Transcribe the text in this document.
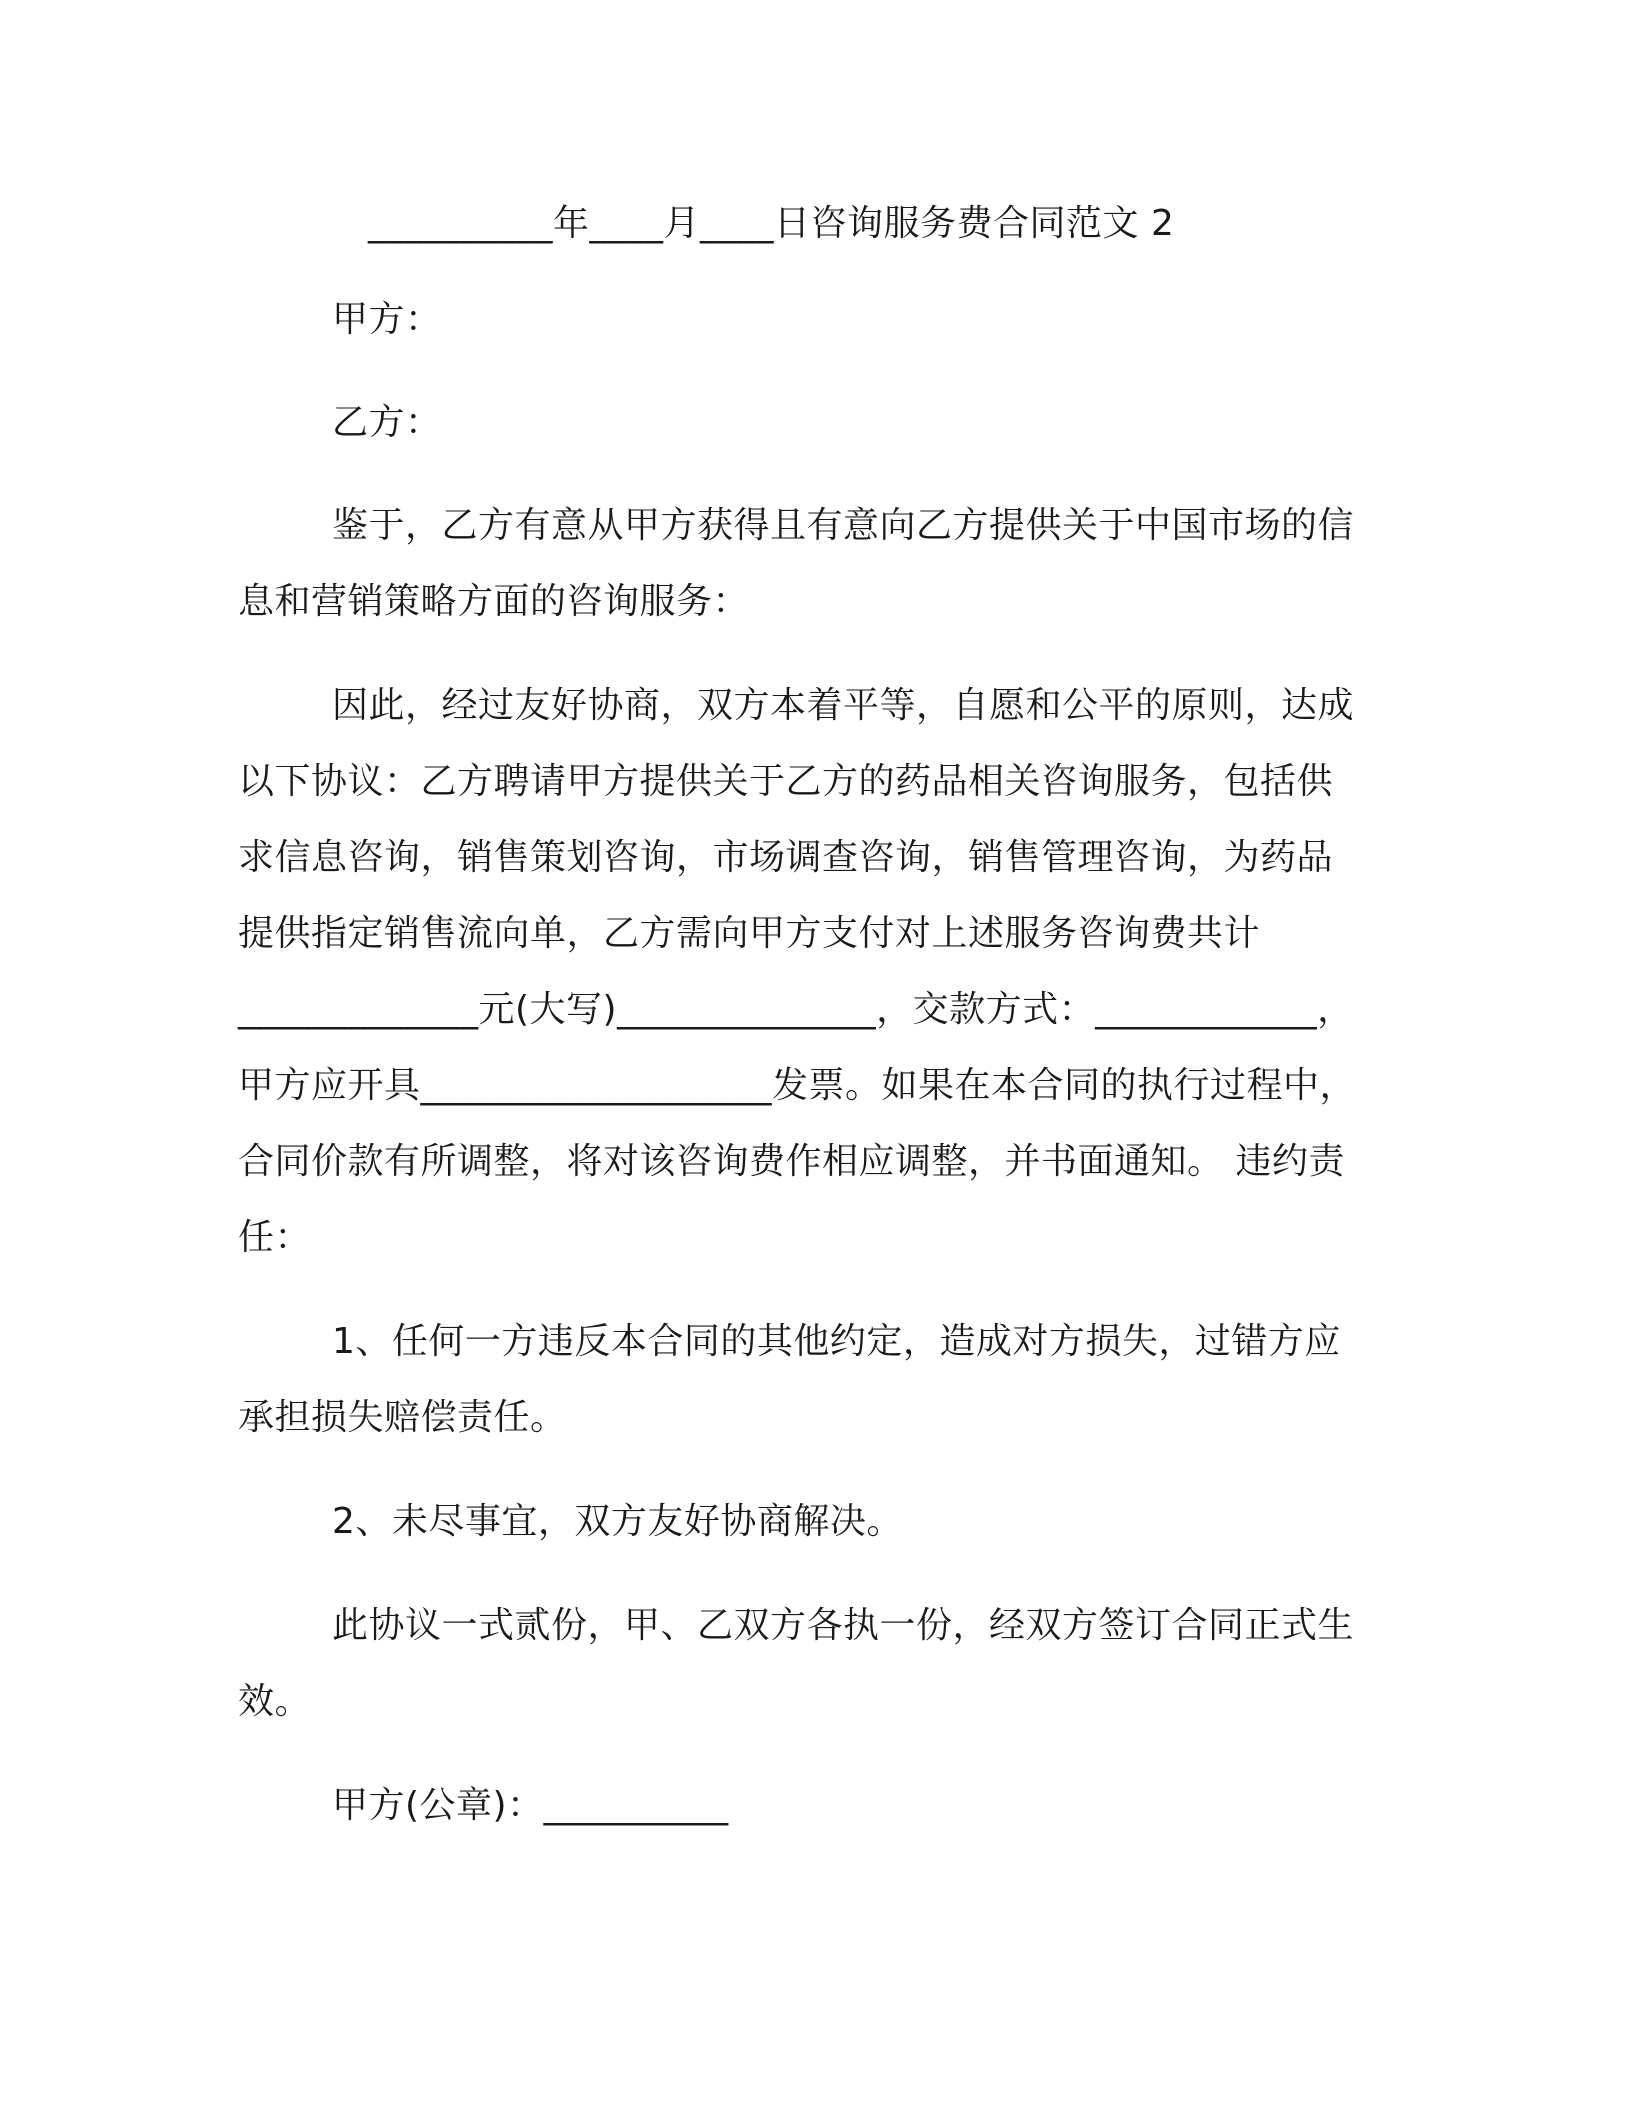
__________年____月____日咨询服务费合同范文 2

甲方：

乙方：

鉴于，乙方有意从甲方获得且有意向乙方提供关于中国市场的信

息和营销策略方面的咨询服务：

因此，经过友好协商，双方本着平等，自愿和公平的原则，达成

以下协议：乙方聘请甲方提供关于乙方的药品相关咨询服务，包括供

求信息咨询，销售策划咨询，市场调查咨询，销售管理咨询，为药品

提供指定销售流向单，乙方需向甲方支付对上述服务咨询费共计

_____________元(大写)______________，交款方式：____________，

甲方应开具___________________发票。如果在本合同的执行过程中，

合同价款有所调整，将对该咨询费作相应调整，并书面通知。 违约责

任：

1、任何一方违反本合同的其他约定，造成对方损失，过错方应

承担损失赔偿责任。

2、未尽事宜，双方友好协商解决。

此协议一式贰份，甲、乙双方各执一份，经双方签订合同正式生

效。

甲方(公章)：__________
